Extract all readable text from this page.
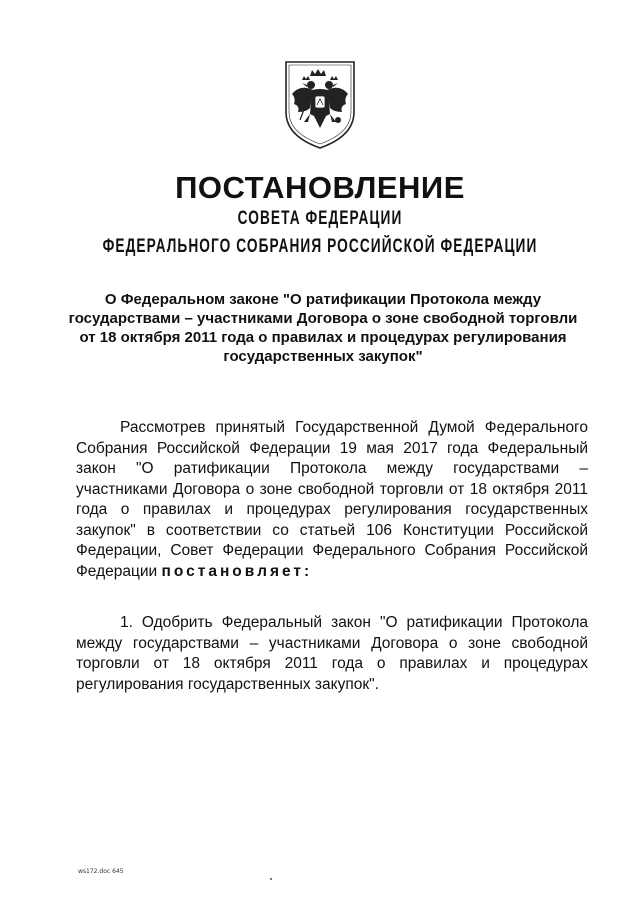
ПОСТАНОВЛЕНИЕ
СОВЕТА ФЕДЕРАЦИИ
ФЕДЕРАЛЬНОГО СОБРАНИЯ РОССИЙСКОЙ ФЕДЕРАЦИИ

О Федеральном законе "О ратификации Протокола между государствами – участниками Договора о зоне свободной торговли от 18 октября 2011 года о правилах и процедурах регулирования государственных закупок"

Рассмотрев принятый Государственной Думой Федерального Собрания Российской Федерации 19 мая 2017 года Федеральный закон "О ратификации Протокола между государствами – участниками Договора о зоне свободной торговли от 18 октября 2011 года о правилах и процедурах регулирования государственных закупок" в соответствии со статьей 106 Конституции Российской Федерации, Совет Федерации Федерального Собрания Российской Федерации постановляет:

1. Одобрить Федеральный закон "О ратификации Протокола между государствами – участниками Договора о зоне свободной торговли от 18 октября 2011 года о правилах и процедурах регулирования государственных закупок".

ws172.doc 645
